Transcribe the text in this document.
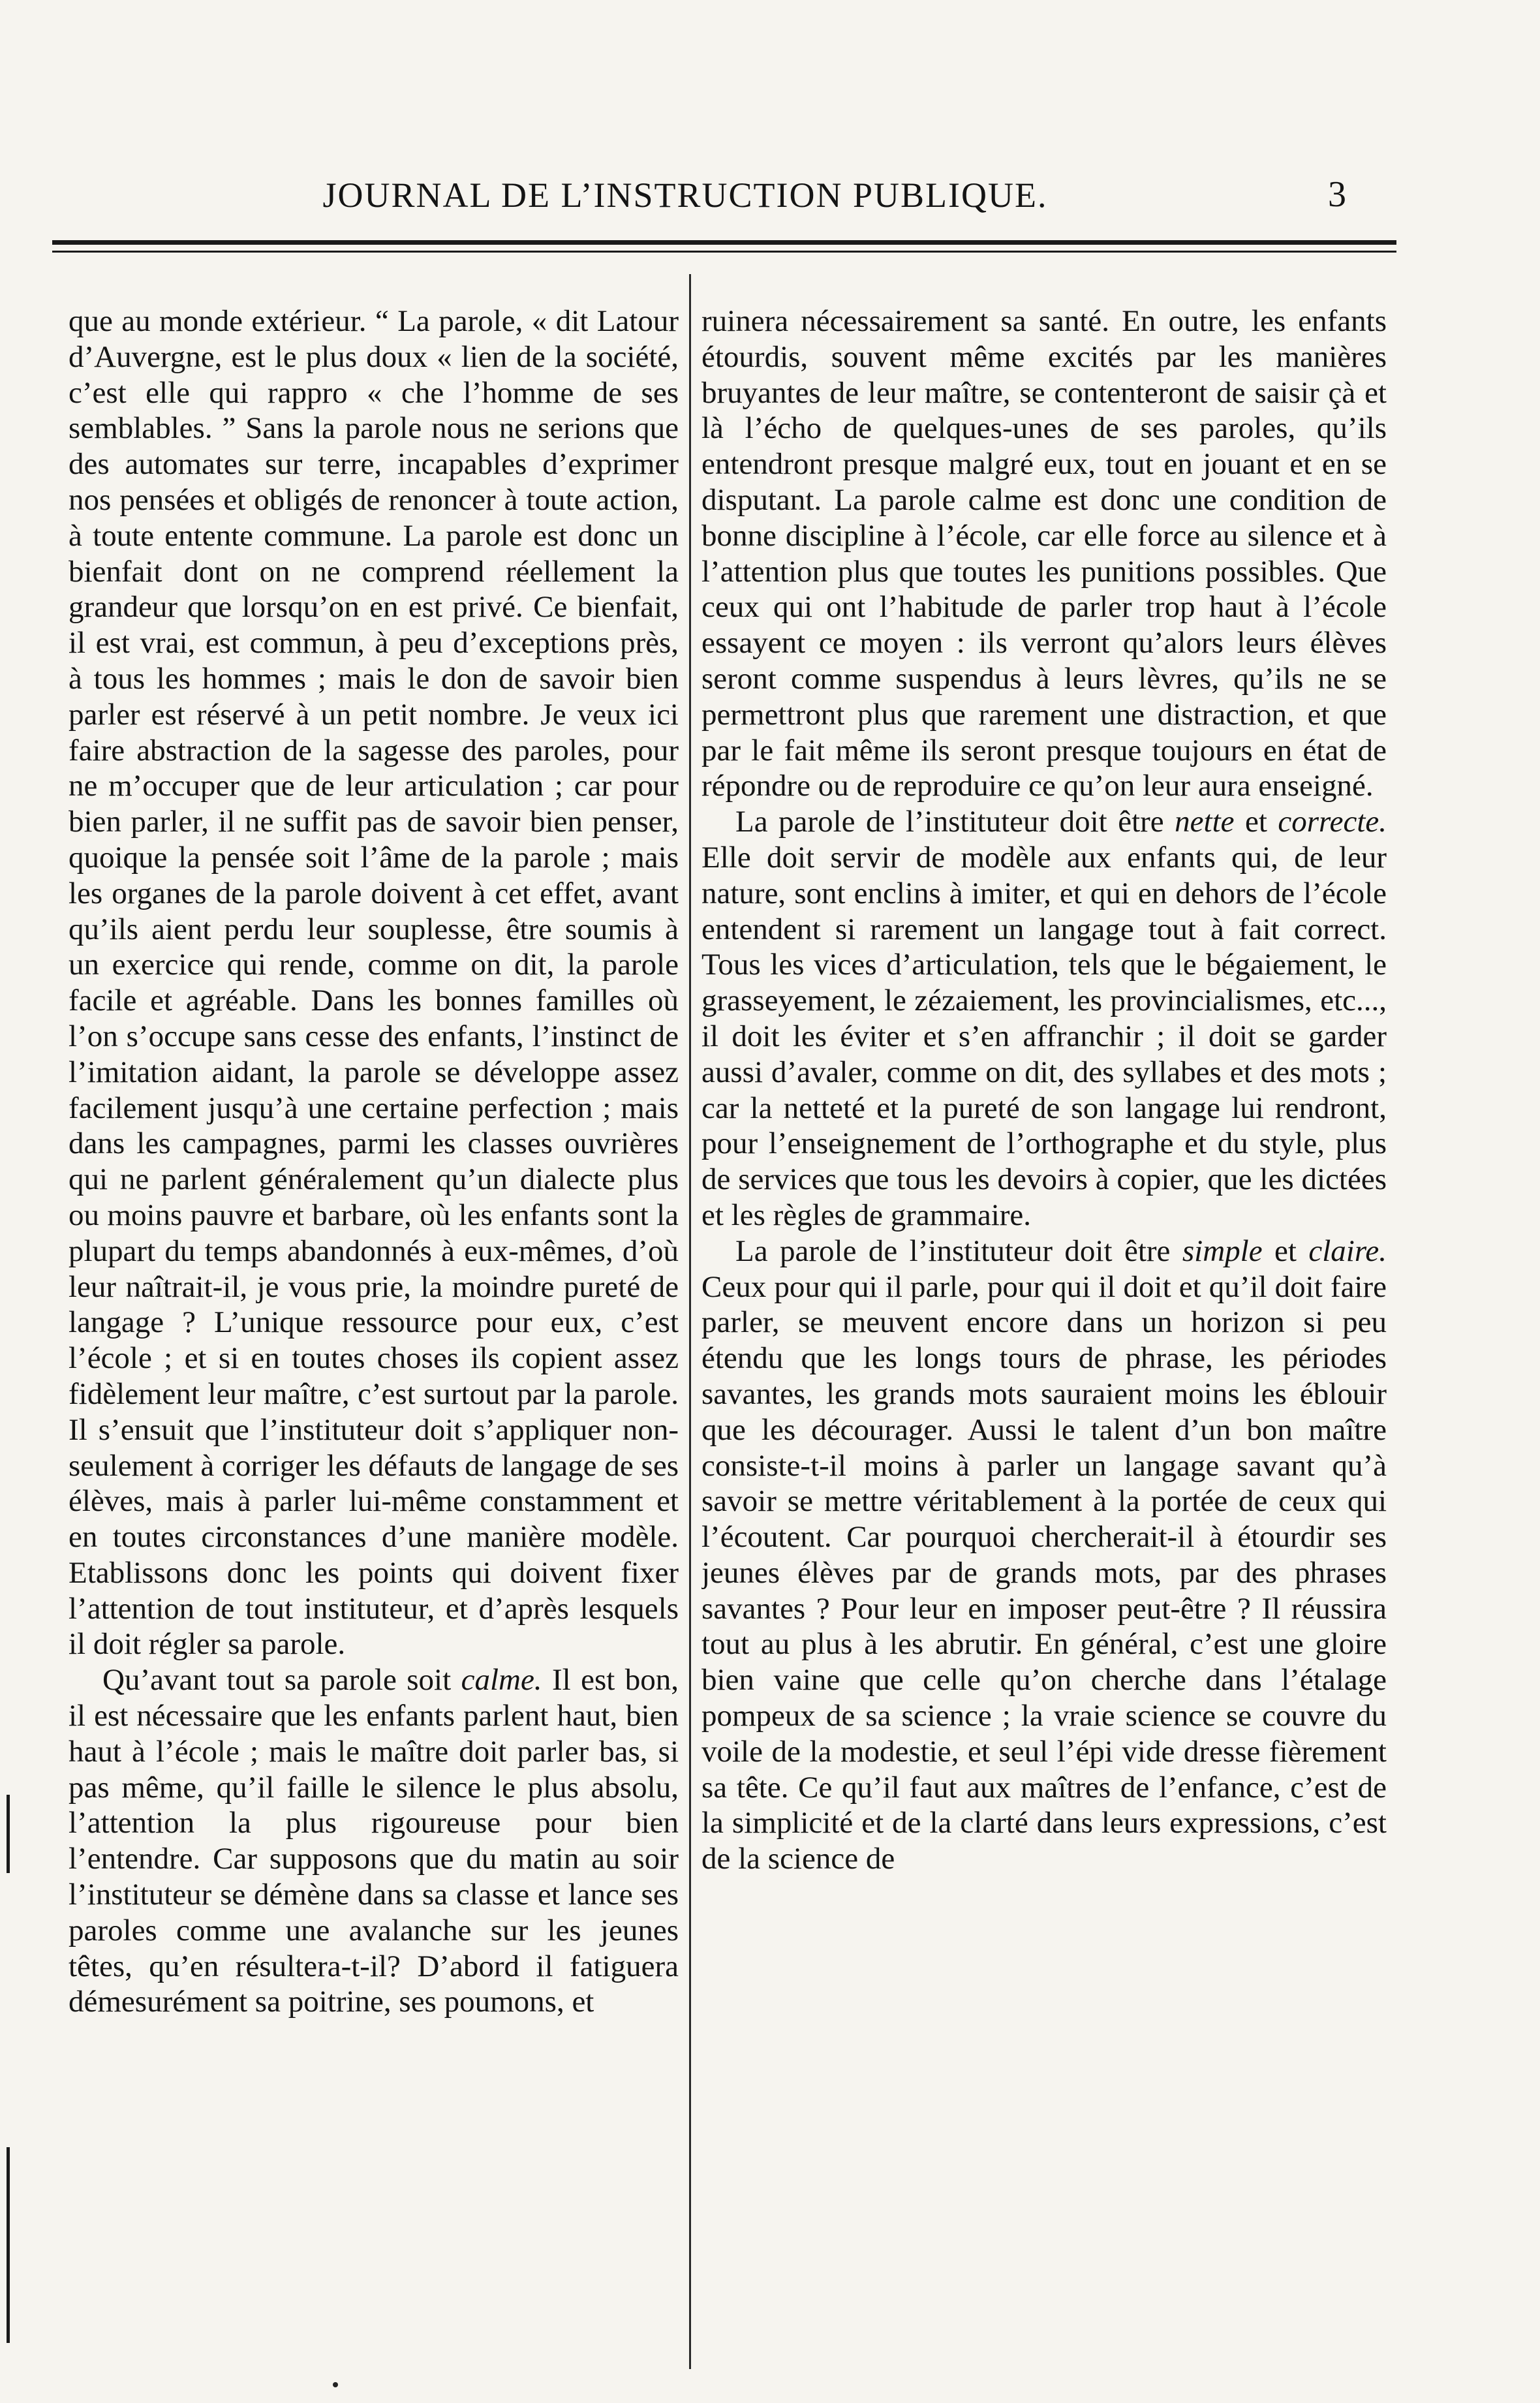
JOURNAL DE L’INSTRUCTION PUBLIQUE.	3

que au monde extérieur. “ La parole, « dit Latour d’Auvergne, est le plus doux « lien de la société, c’est elle qui rappro « che l’homme de ses semblables. ” Sans la parole nous ne serions que des automates sur terre, incapables d’exprimer nos pensées et obligés de renoncer à toute action, à toute entente commune. La parole est donc un bienfait dont on ne comprend réellement la grandeur que lorsqu’on en est privé. Ce bienfait, il est vrai, est commun, à peu d’exceptions près, à tous les hommes ; mais le don de savoir bien parler est réservé à un petit nombre. Je veux ici faire abstraction de la sagesse des paroles, pour ne m’occuper que de leur articulation ; car pour bien parler, il ne suffit pas de savoir bien penser, quoique la pensée soit l’âme de la parole ; mais les organes de la parole doivent à cet effet, avant qu’ils aient perdu leur souplesse, être soumis à un exercice qui rende, comme on dit, la parole facile et agréable. Dans les bonnes familles où l’on s’occupe sans cesse des enfants, l’instinct de l’imitation aidant, la parole se développe assez facilement jusqu’à une certaine perfection ; mais dans les campagnes, parmi les classes ouvrières qui ne parlent généralement qu’un dialecte plus ou moins pauvre et barbare, où les enfants sont la plupart du temps abandonnés à eux-mêmes, d’où leur naîtrait-il, je vous prie, la moindre pureté de langage ? L’unique ressource pour eux, c’est l’école ; et si en toutes choses ils copient assez fidèlement leur maître, c’est surtout par la parole. Il s’ensuit que l’instituteur doit s’appliquer non-seulement à corriger les défauts de langage de ses élèves, mais à parler lui-même constamment et en toutes circonstances d’une manière modèle. Etablissons donc les points qui doivent fixer l’attention de tout instituteur, et d’après lesquels il doit régler sa parole.

Qu’avant tout sa parole soit calme. Il est bon, il est nécessaire que les enfants parlent haut, bien haut à l’école ; mais le maître doit parler bas, si pas même, qu’il faille le silence le plus absolu, l’attention la plus rigoureuse pour bien l’entendre. Car supposons que du matin au soir l’instituteur se démène dans sa classe et lance ses paroles comme une avalanche sur les jeunes têtes, qu’en résultera-t-il? D’abord il fatiguera démesurément sa poitrine, ses poumons, et

ruinera nécessairement sa santé. En outre, les enfants étourdis, souvent même excités par les manières bruyantes de leur maître, se contenteront de saisir çà et là l’écho de quelques-unes de ses paroles, qu’ils entendront presque malgré eux, tout en jouant et en se disputant. La parole calme est donc une condition de bonne discipline à l’école, car elle force au silence et à l’attention plus que toutes les punitions possibles. Que ceux qui ont l’habitude de parler trop haut à l’école essayent ce moyen : ils verront qu’alors leurs élèves seront comme suspendus à leurs lèvres, qu’ils ne se permettront plus que rarement une distraction, et que par le fait même ils seront presque toujours en état de répondre ou de reproduire ce qu’on leur aura enseigné.

La parole de l’instituteur doit être nette et correcte. Elle doit servir de modèle aux enfants qui, de leur nature, sont enclins à imiter, et qui en dehors de l’école entendent si rarement un langage tout à fait correct. Tous les vices d’articulation, tels que le bégaiement, le grasseyement, le zézaiement, les provincialismes, etc..., il doit les éviter et s’en affranchir ; il doit se garder aussi d’avaler, comme on dit, des syllabes et des mots ; car la netteté et la pureté de son langage lui rendront, pour l’enseignement de l’orthographe et du style, plus de services que tous les devoirs à copier, que les dictées et les règles de grammaire.

La parole de l’instituteur doit être simple et claire. Ceux pour qui il parle, pour qui il doit et qu’il doit faire parler, se meuvent encore dans un horizon si peu étendu que les longs tours de phrase, les périodes savantes, les grands mots sauraient moins les éblouir que les décourager. Aussi le talent d’un bon maître consiste-t-il moins à parler un langage savant qu’à savoir se mettre véritablement à la portée de ceux qui l’écoutent. Car pourquoi chercherait-il à étourdir ses jeunes élèves par de grands mots, par des phrases savantes ? Pour leur en imposer peut-être ? Il réussira tout au plus à les abrutir. En général, c’est une gloire bien vaine que celle qu’on cherche dans l’étalage pompeux de sa science ; la vraie science se couvre du voile de la modestie, et seul l’épi vide dresse fièrement sa tête. Ce qu’il faut aux maîtres de l’enfance, c’est de la simplicité et de la clarté dans leurs expressions, c’est de la science de
